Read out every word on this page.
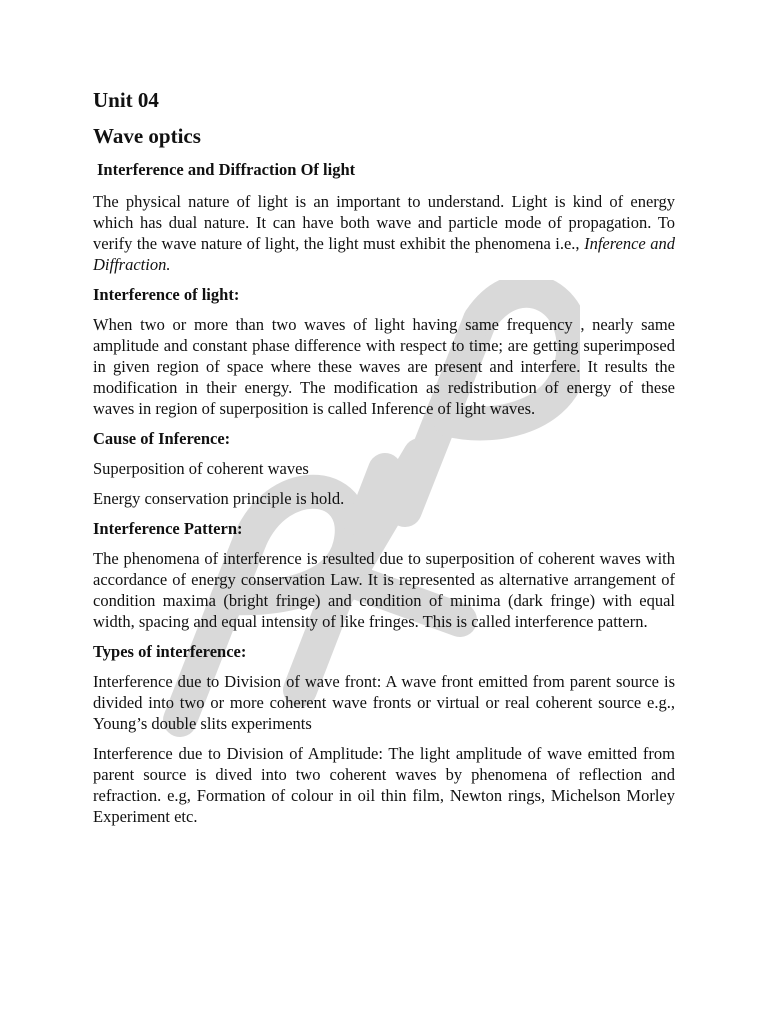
Unit 04
Wave optics
Interference and Diffraction Of light

The physical nature of light is an important to understand. Light is kind of energy which has dual nature. It can have both wave and particle mode of propagation. To verify the wave nature of light, the light must exhibit the phenomena i.e., Inference and Diffraction.

Interference of light:

When two or more than two waves of light having same frequency , nearly same amplitude and constant phase difference with respect to time; are getting superimposed in given region of space where these waves are present and interfere. It results the modification in their energy. The modification as redistribution of energy of these waves in region of superposition is called Inference of light waves.

Cause of Inference:

Superposition of coherent waves

Energy conservation principle is hold.

Interference Pattern:

The phenomena of interference is resulted due to superposition of coherent waves with accordance of energy conservation Law. It is represented as alternative arrangement of condition maxima (bright fringe) and condition of minima (dark fringe) with equal width, spacing and equal intensity of like fringes. This is called interference pattern.

Types of interference:

Interference due to Division of wave front: A wave front emitted from parent source is divided into two or more coherent wave fronts or virtual or real coherent source e.g., Young’s double slits experiments

Interference due to Division of Amplitude: The light amplitude of wave emitted from parent source is dived into two coherent waves by phenomena of reflection and refraction. e.g, Formation of colour in oil thin film, Newton rings, Michelson Morley Experiment etc.
